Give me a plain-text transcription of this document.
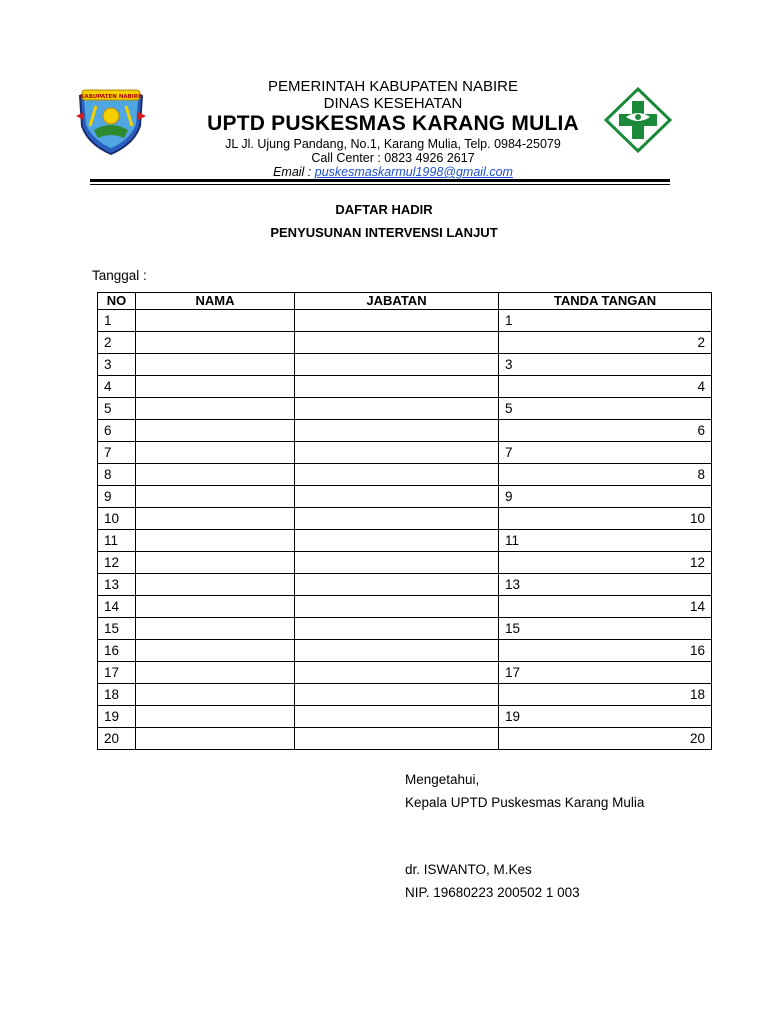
KABUPATEN NABIRE
PEMERINTAH KABUPATEN NABIRE
DINAS KESEHATAN
UPTD PUSKESMAS KARANG MULIA
JL Jl. Ujung Pandang, No.1, Karang Mulia, Telp. 0984-25079
Call Center : 0823 4926 2617
Email : puskesmaskarmul1998@gmail.com
DAFTAR HADIR
PENYUSUNAN INTERVENSI LANJUT
Tanggal :
NO	NAMA	JABATAN	TANDA TANGAN
1			1
2			2
3			3
4			4
5			5
6			6
7			7
8			8
9			9
10			10
11			11
12			12
13			13
14			14
15			15
16			16
17			17
18			18
19			19
20			20
Mengetahui,
Kepala UPTD Puskesmas Karang Mulia
dr. ISWANTO, M.Kes
NIP. 19680223 200502 1 003
